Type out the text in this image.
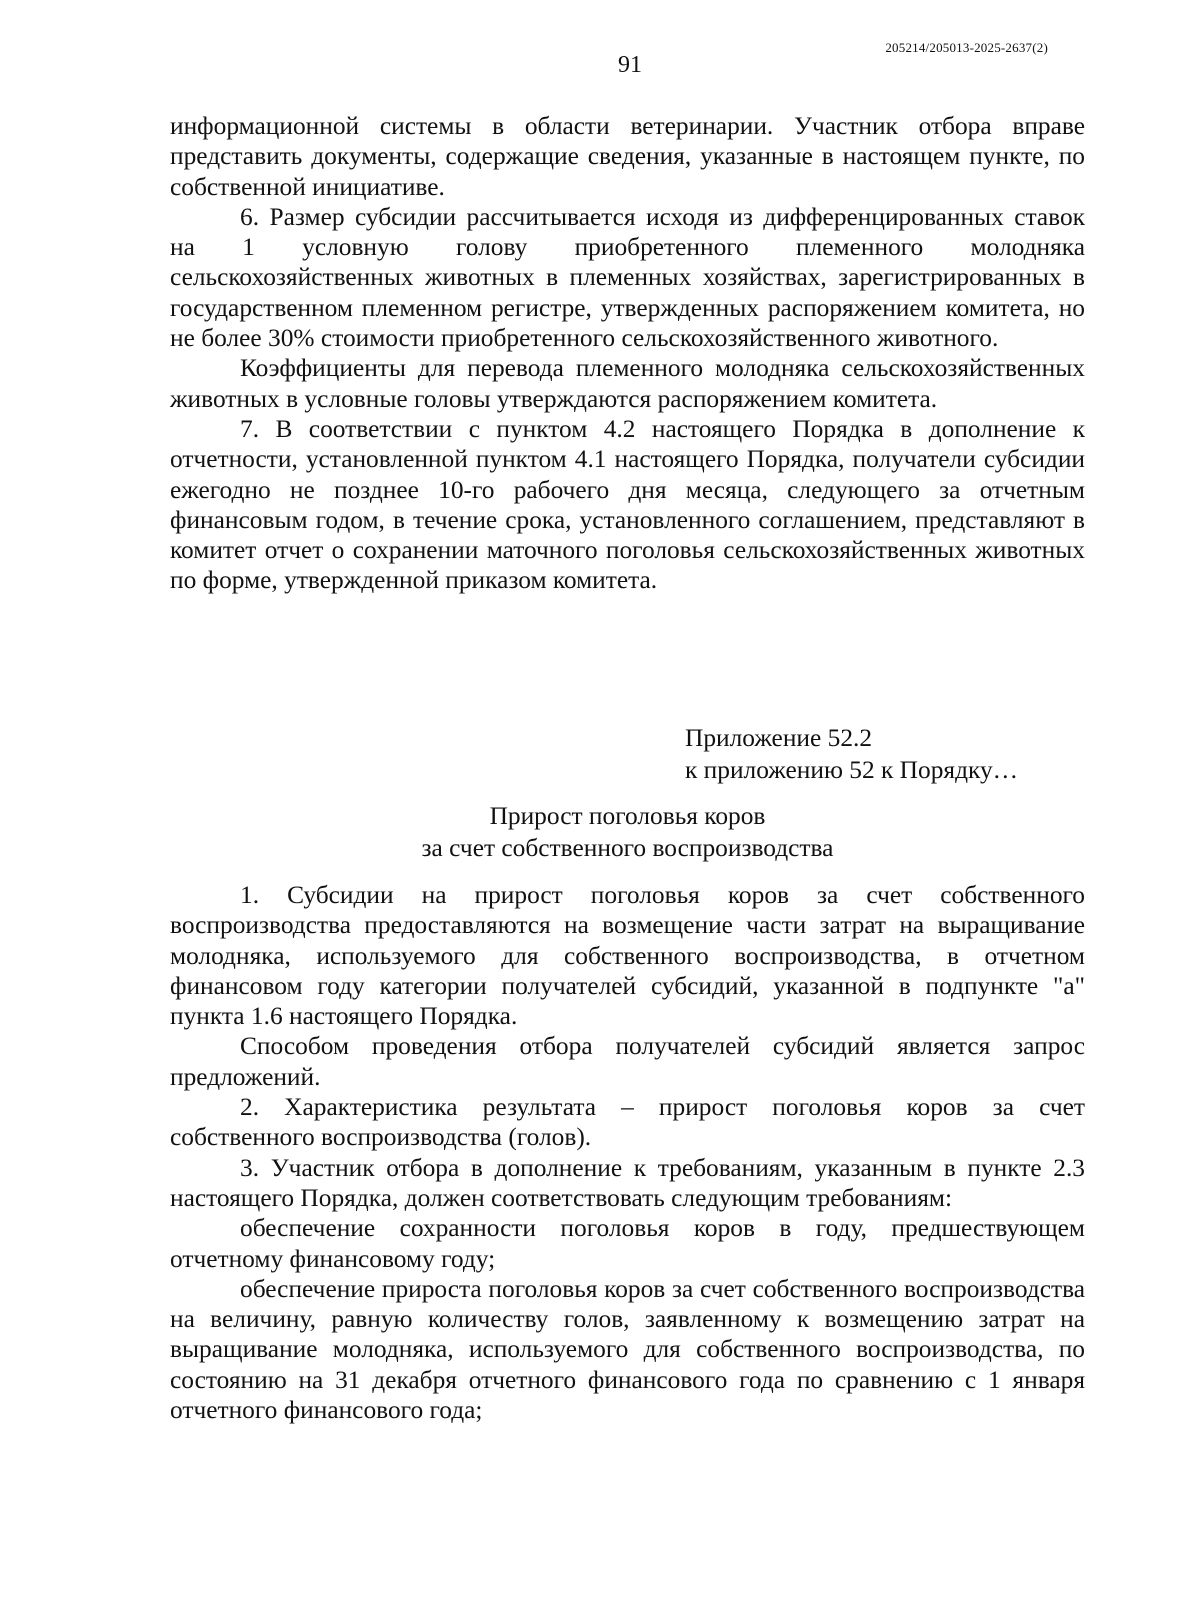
205214/205013-2025-2637(2)
91

информационной системы в области ветеринарии. Участник отбора вправе представить документы, содержащие сведения, указанные в настоящем пункте, по собственной инициативе.

6. Размер субсидии рассчитывается исходя из дифференцированных ставок на 1 условную голову приобретенного племенного молодняка сельскохозяйственных животных в племенных хозяйствах, зарегистрированных в государственном племенном регистре, утвержденных распоряжением комитета, но не более 30% стоимости приобретенного сельскохозяйственного животного.

Коэффициенты для перевода племенного молодняка сельскохозяйственных животных в условные головы утверждаются распоряжением комитета.

7. В соответствии с пунктом 4.2 настоящего Порядка в дополнение к отчетности, установленной пунктом 4.1 настоящего Порядка, получатели субсидии ежегодно не позднее 10-го рабочего дня месяца, следующего за отчетным финансовым годом, в течение срока, установленного соглашением, представляют в комитет отчет о сохранении маточного поголовья сельскохозяйственных животных по форме, утвержденной приказом комитета.

Приложение 52.2
к приложению 52 к Порядку…
Прирост поголовья коров
за счет собственного воспроизводства

1. Субсидии на прирост поголовья коров за счет собственного воспроизводства предоставляются на возмещение части затрат на выращивание молодняка, используемого для собственного воспроизводства, в отчетном финансовом году категории получателей субсидий, указанной в подпункте "а" пункта 1.6 настоящего Порядка.

Способом проведения отбора получателей субсидий является запрос предложений.

2. Характеристика результата – прирост поголовья коров за счет собственного воспроизводства (голов).

3. Участник отбора в дополнение к требованиям, указанным в пункте 2.3 настоящего Порядка, должен соответствовать следующим требованиям:

обеспечение сохранности поголовья коров в году, предшествующем отчетному финансовому году;

обеспечение прироста поголовья коров за счет собственного воспроизводства на величину, равную количеству голов, заявленному к возмещению затрат на выращивание молодняка, используемого для собственного воспроизводства, по состоянию на 31 декабря отчетного финансового года по сравнению с 1 января отчетного финансового года;
